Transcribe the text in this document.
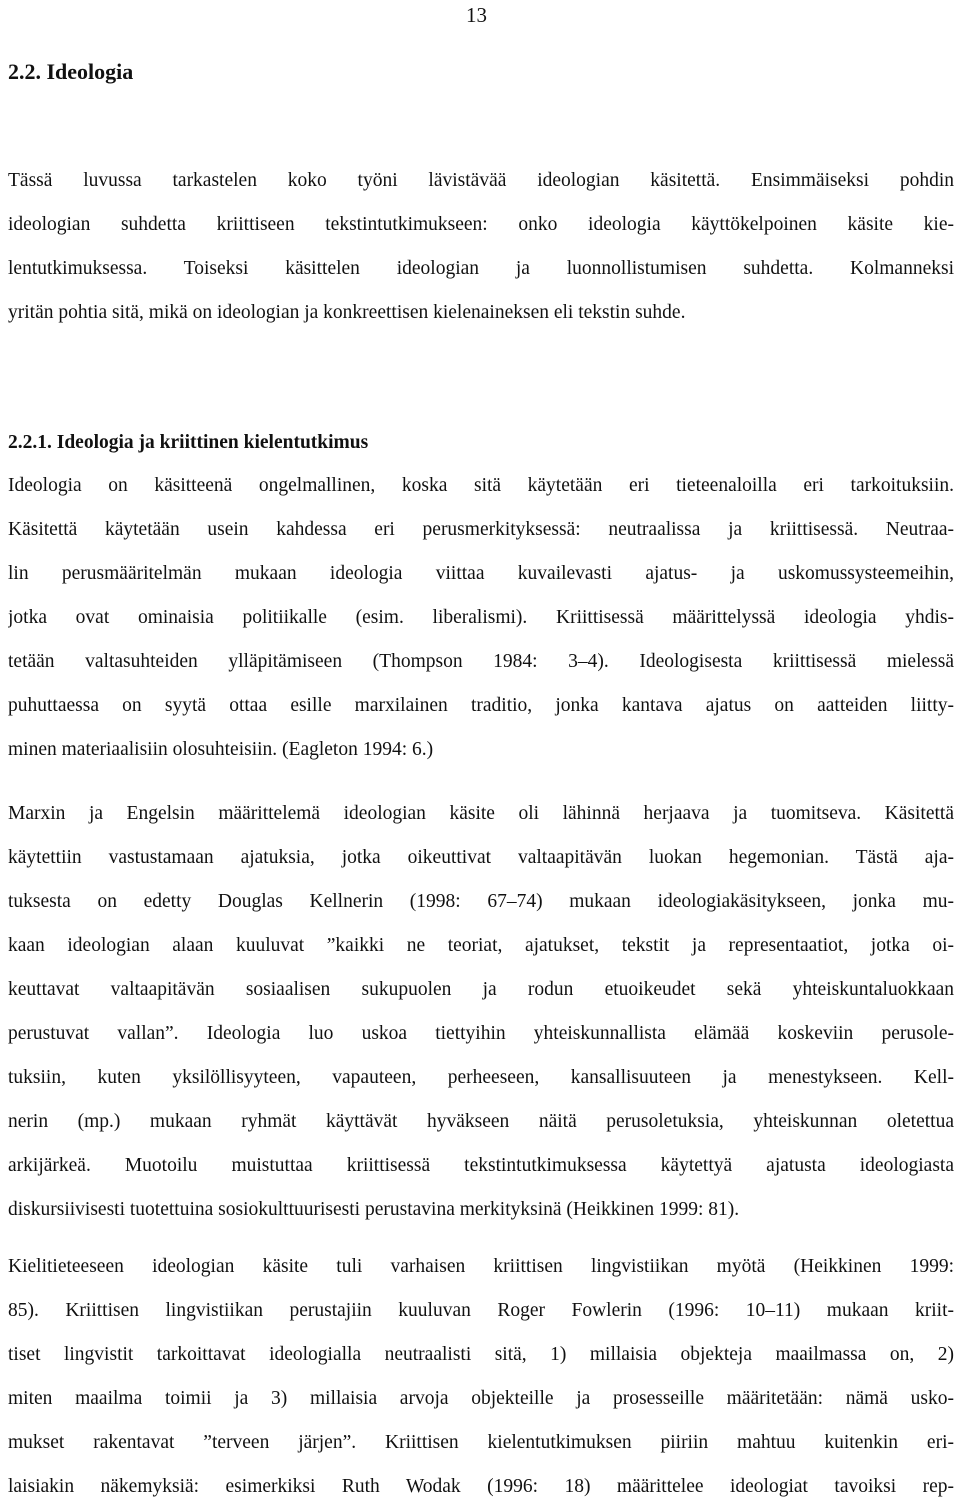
13
2.2. Ideologia
Tässä luvussa tarkastelen koko työni lävistävää ideologian käsitettä. Ensimmäiseksi pohdin
ideologian suhdetta kriittiseen tekstintutkimukseen: onko ideologia käyttökelpoinen käsite kie-
lentutkimuksessa. Toiseksi käsittelen ideologian ja luonnollistumisen suhdetta. Kolmanneksi
yritän pohtia sitä, mikä on ideologian ja konkreettisen kielenaineksen eli tekstin suhde.
2.2.1. Ideologia ja kriittinen kielentutkimus
Ideologia on käsitteenä ongelmallinen, koska sitä käytetään eri tieteenaloilla eri tarkoituksiin.
Käsitettä käytetään usein kahdessa eri perusmerkityksessä: neutraalissa ja kriittisessä. Neutraa-
lin perusmääritelmän mukaan ideologia viittaa kuvailevasti ajatus- ja uskomussysteemeihin,
jotka ovat ominaisia politiikalle (esim. liberalismi). Kriittisessä määrittelyssä ideologia yhdis-
tetään valtasuhteiden ylläpitämiseen (Thompson 1984: 3–4). Ideologisesta kriittisessä mielessä
puhuttaessa on syytä ottaa esille marxilainen traditio, jonka kantava ajatus on aatteiden liitty-
minen materiaalisiin olosuhteisiin. (Eagleton 1994: 6.)
Marxin ja Engelsin määrittelemä ideologian käsite oli lähinnä herjaava ja tuomitseva. Käsitettä
käytettiin vastustamaan ajatuksia, jotka oikeuttivat valtaapitävän luokan hegemonian. Tästä aja-
tuksesta on edetty Douglas Kellnerin (1998: 67–74) mukaan ideologiakäsitykseen, jonka mu-
kaan ideologian alaan kuuluvat ”kaikki ne teoriat, ajatukset, tekstit ja representaatiot, jotka oi-
keuttavat valtaapitävän sosiaalisen sukupuolen ja rodun etuoikeudet sekä yhteiskuntaluokkaan
perustuvat vallan”. Ideologia luo uskoa tiettyihin yhteiskunnallista elämää koskeviin perusole-
tuksiin, kuten yksilöllisyyteen, vapauteen, perheeseen, kansallisuuteen ja menestykseen. Kell-
nerin (mp.) mukaan ryhmät käyttävät hyväkseen näitä perusoletuksia, yhteiskunnan oletettua
arkijärkeä. Muotoilu muistuttaa kriittisessä tekstintutkimuksessa käytettyä ajatusta ideologiasta
diskursiivisesti tuotettuina sosiokulttuurisesti perustavina merkityksinä (Heikkinen 1999: 81).
Kielitieteeseen ideologian käsite tuli varhaisen kriittisen lingvistiikan myötä (Heikkinen 1999:
85). Kriittisen lingvistiikan perustajiin kuuluvan Roger Fowlerin (1996: 10–11) mukaan kriit-
tiset lingvistit tarkoittavat ideologialla neutraalisti sitä, 1) millaisia objekteja maailmassa on, 2)
miten maailma toimii ja 3) millaisia arvoja objekteille ja prosesseille määritetään: nämä usko-
mukset rakentavat ”terveen järjen”. Kriittisen kielentutkimuksen piiriin mahtuu kuitenkin eri-
laisiakin näkemyksiä: esimerkiksi Ruth Wodak (1996: 18) määrittelee ideologiat tavoiksi rep-
